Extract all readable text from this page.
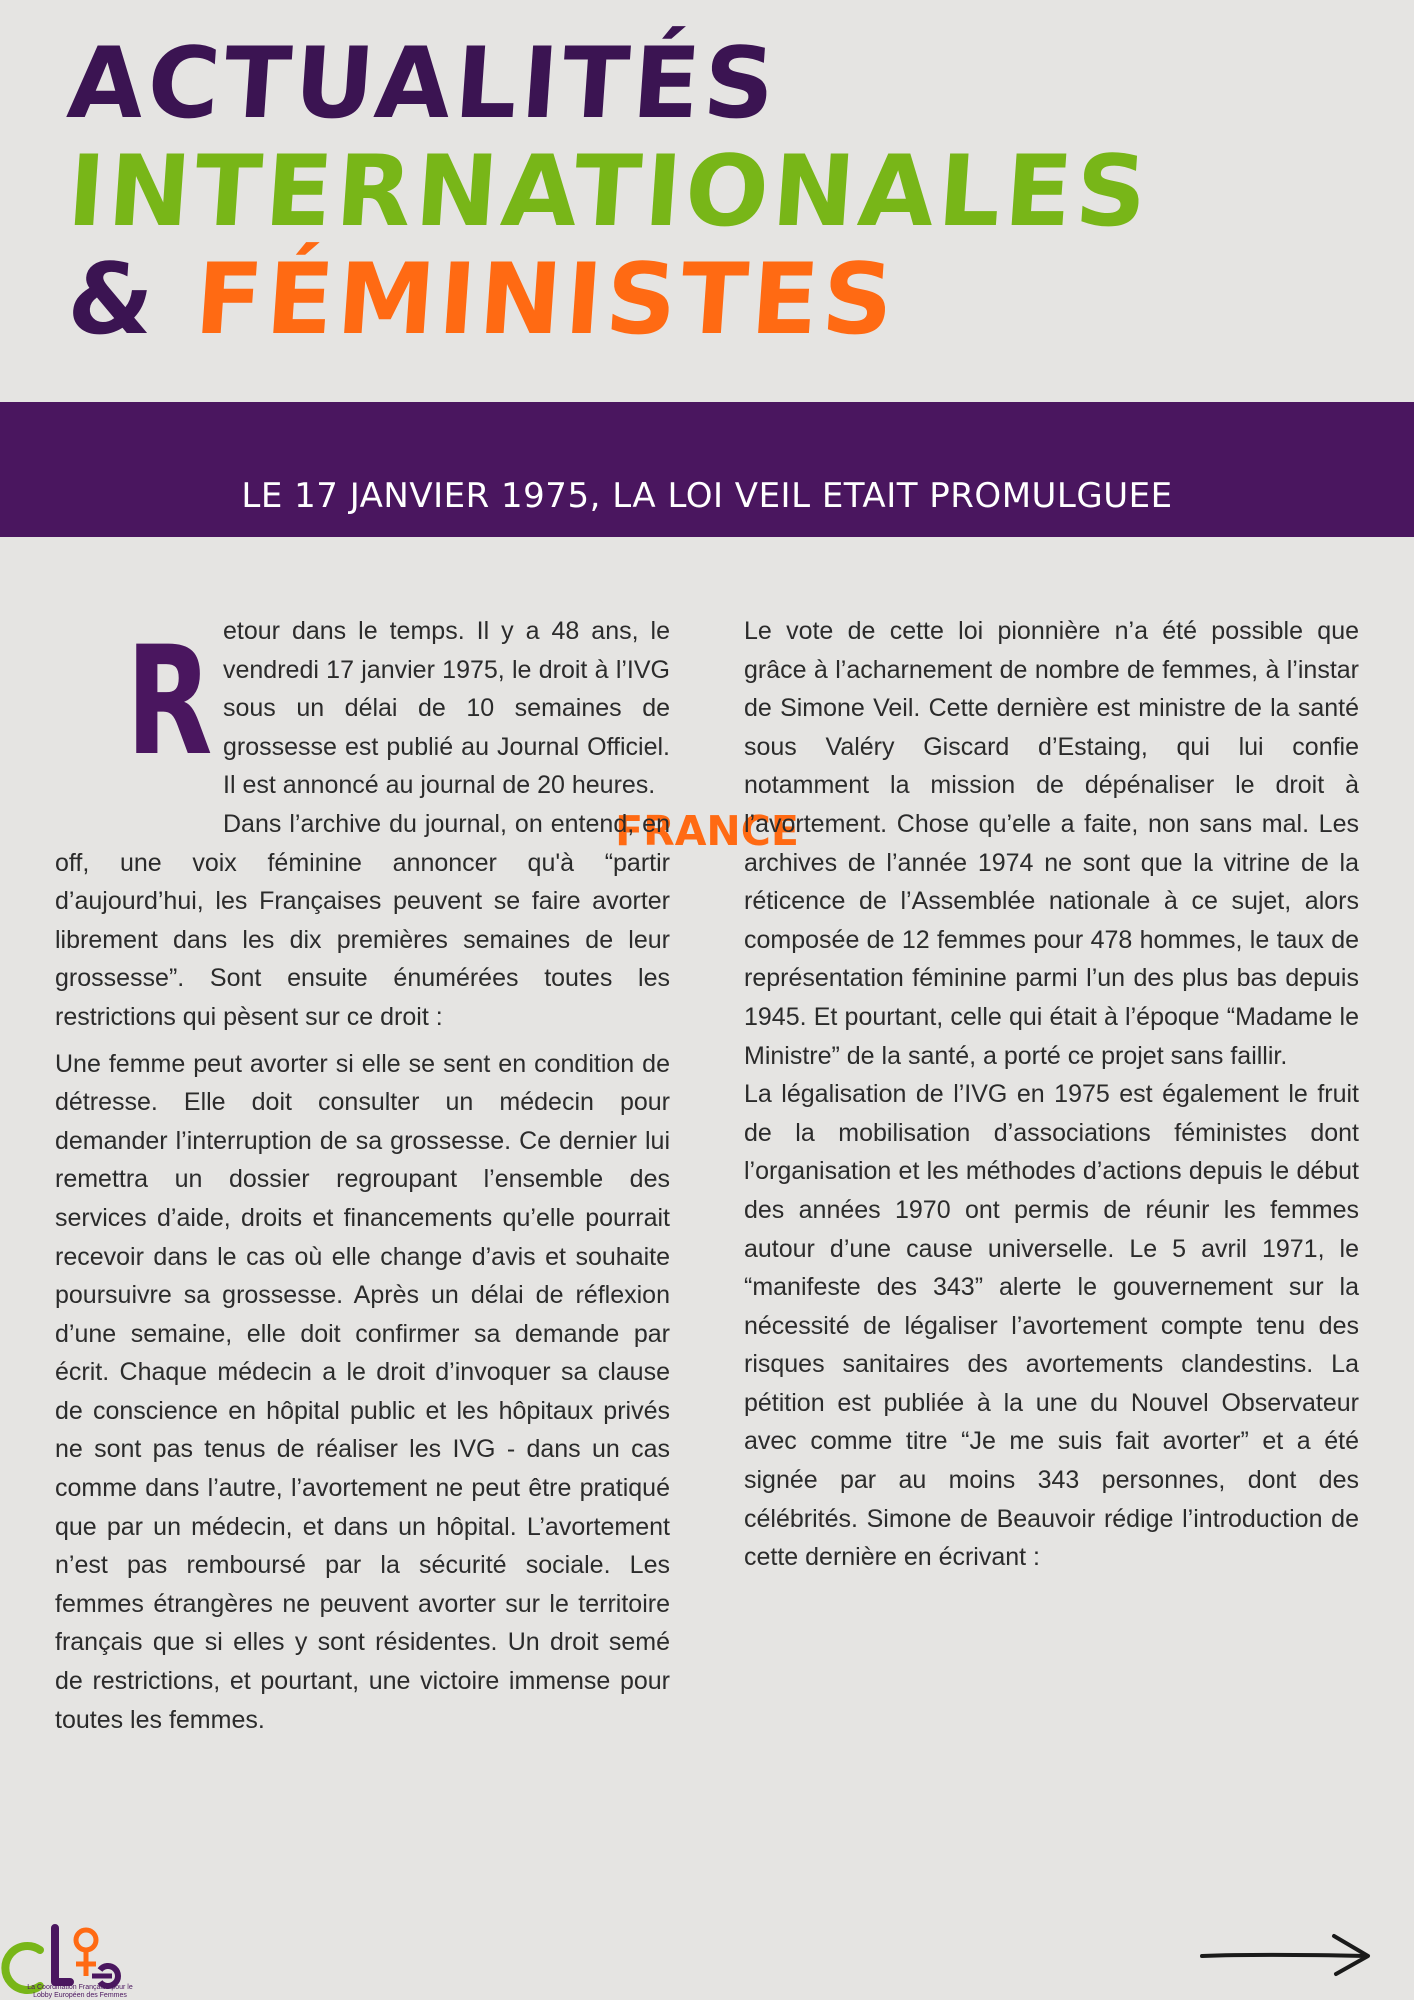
ACTUALITÉS
INTERNATIONALES
& FÉMINISTES
FRANCE
LE 17 JANVIER 1975, LA LOI VEIL ETAIT PROMULGUEE
R etour dans le temps. Il y a 48 ans, le vendredi 17 janvier 1975, le droit à l’IVG sous un délai de 10 semaines de grossesse est publié au Journal Officiel. Il est annoncé au journal de 20 heures.

Dans l’archive du journal, on entend, en off, une voix féminine annoncer qu'à “partir d’aujourd’hui, les Françaises peuvent se faire avorter librement dans les dix premières semaines de leur grossesse”. Sont ensuite énumérées toutes les restrictions qui pèsent sur ce droit :

Une femme peut avorter si elle se sent en condition de détresse. Elle doit consulter un médecin pour demander l’interruption de sa grossesse. Ce dernier lui remettra un dossier regroupant l’ensemble des services d’aide, droits et financements qu’elle pourrait recevoir dans le cas où elle change d’avis et souhaite poursuivre sa grossesse. Après un délai de réflexion d’une semaine, elle doit confirmer sa demande par écrit. Chaque médecin a le droit d’invoquer sa clause de conscience en hôpital public et les hôpitaux privés ne sont pas tenus de réaliser les IVG - dans un cas comme dans l’autre, l’avortement ne peut être pratiqué que par un médecin, et dans un hôpital. L’avortement n’est pas remboursé par la sécurité sociale. Les femmes étrangères ne peuvent avorter sur le territoire français que si elles y sont résidentes. Un droit semé de restrictions, et pourtant, une victoire immense pour toutes les femmes.

Le vote de cette loi pionnière n’a été possible que grâce à l’acharnement de nombre de femmes, à l’instar de Simone Veil. Cette dernière est ministre de la santé sous Valéry Giscard d’Estaing, qui lui confie notamment la mission de dépénaliser le droit à l’avortement. Chose qu’elle a faite, non sans mal. Les archives de l’année 1974 ne sont que la vitrine de la réticence de l’Assemblée nationale à ce sujet, alors composée de 12 femmes pour 478 hommes, le taux de représentation féminine parmi l’un des plus bas depuis 1945. Et pourtant, celle qui était à l’époque “Madame le Ministre” de la santé, a porté ce projet sans faillir.

La légalisation de l’IVG en 1975 est également le fruit de la mobilisation d’associations féministes dont l’organisation et les méthodes d’actions depuis le début des années 1970 ont permis de réunir les femmes autour d’une cause universelle. Le 5 avril 1971, le “manifeste des 343” alerte le gouvernement sur la nécessité de légaliser l’avortement compte tenu des risques sanitaires des avortements clandestins. La pétition est publiée à la une du Nouvel Observateur avec comme titre “Je me suis fait avorter” et a été signée par au moins 343 personnes, dont des célébrités. Simone de Beauvoir rédige l’introduction de cette dernière en écrivant :

La Coordination Française pour le Lobby Européen des Femmes
